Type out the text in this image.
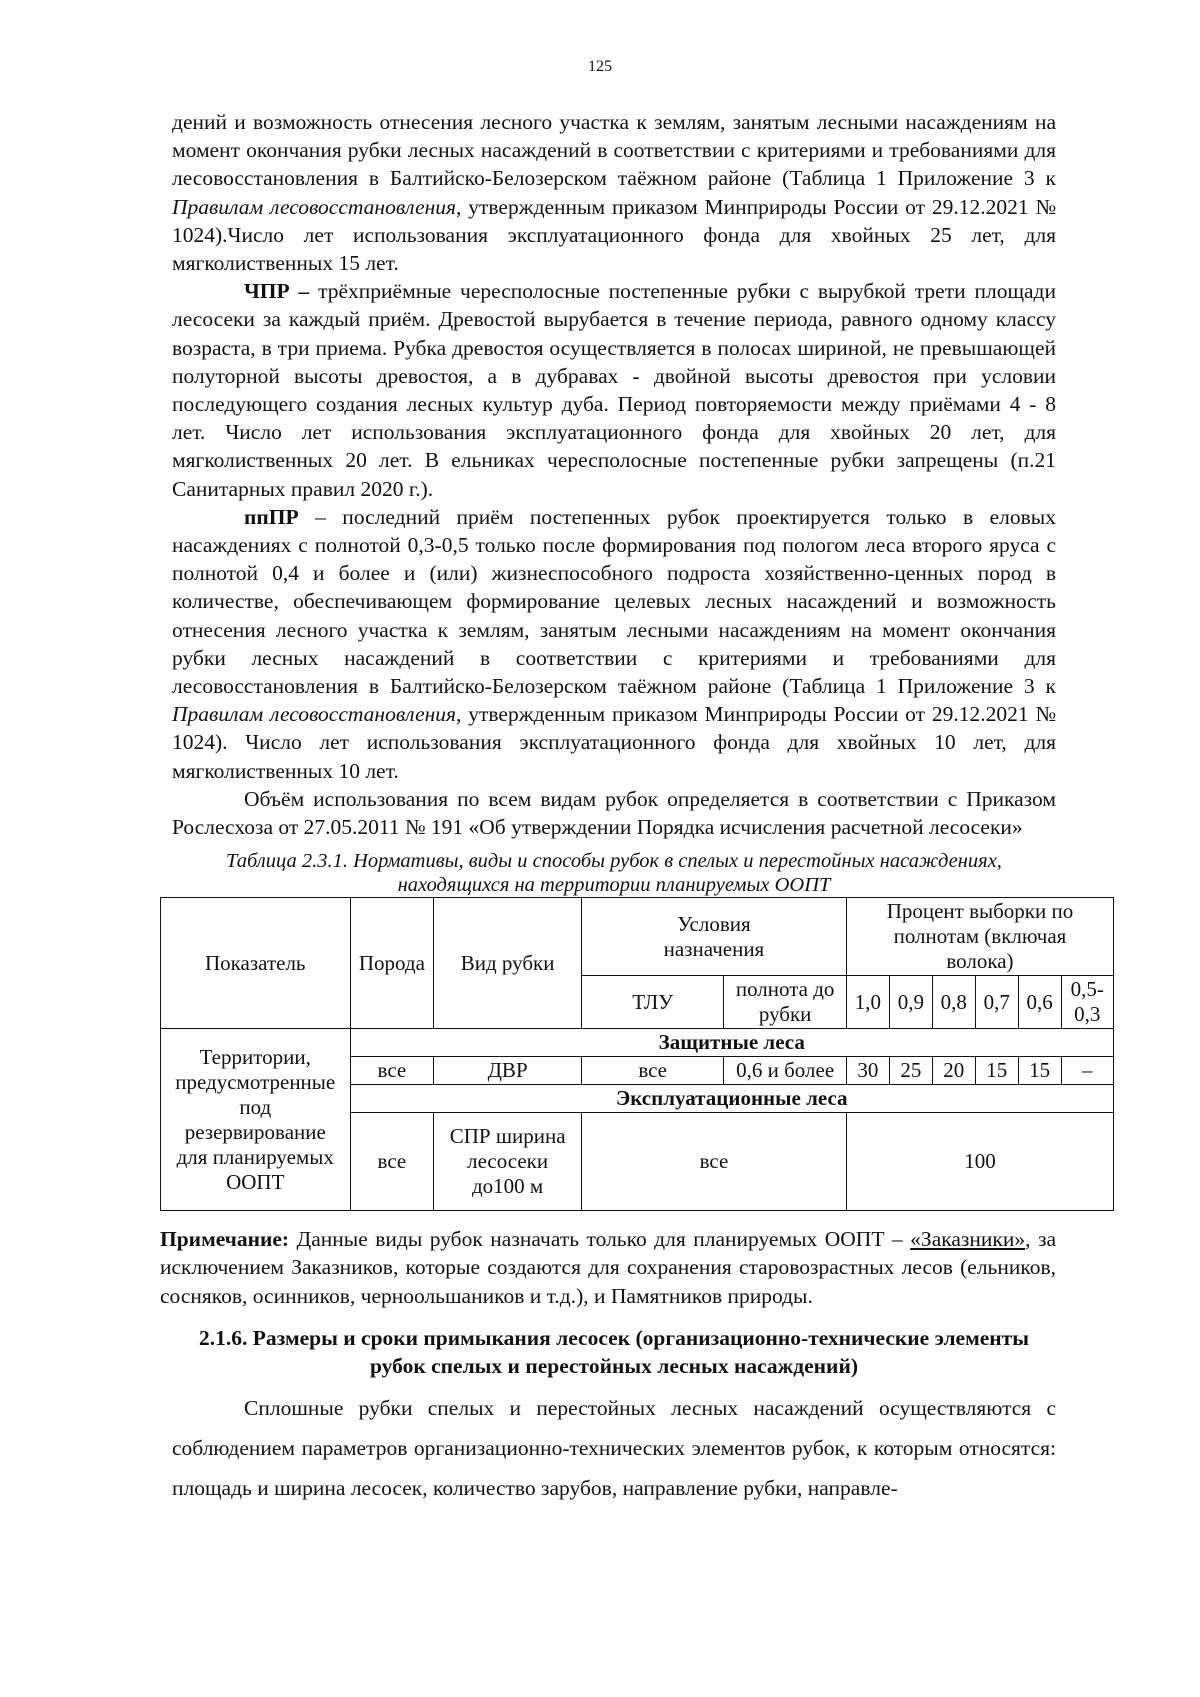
125

дений и возможность отнесения лесного участка к землям, занятым лесными насаждениям на момент окончания рубки лесных насаждений в соответствии с критериями и требованиями для лесовосстановления в Балтийско-Белозерском таёжном районе (Таблица 1 Приложение 3 к Правилам лесовосстановления, утвержденным приказом Минприроды России от 29.12.2021 № 1024).Число лет использования эксплуатационного фонда для хвойных 25 лет, для мягколиственных 15 лет.

ЧПР – трёхприёмные чересполосные постепенные рубки с вырубкой трети площади лесосеки за каждый приём. Древостой вырубается в течение периода, равного одному классу возраста, в три приема. Рубка древостоя осуществляется в полосах шириной, не превышающей полуторной высоты древостоя, а в дубравах - двойной высоты древостоя при условии последующего создания лесных культур дуба. Период повторяемости между приёмами 4 - 8 лет. Число лет использования эксплуатационного фонда для хвойных 20 лет, для мягколиственных 20 лет. В ельниках чересполосные постепенные рубки запрещены (п.21 Санитарных правил 2020 г.).

ппПР – последний приём постепенных рубок проектируется только в еловых насаждениях с полнотой 0,3-0,5 только после формирования под пологом леса второго яруса с полнотой 0,4 и более и (или) жизнеспособного подроста хозяйственно-ценных пород в количестве, обеспечивающем формирование целевых лесных насаждений и возможность отнесения лесного участка к землям, занятым лесными насаждениям на момент окончания рубки лесных насаждений в соответствии с критериями и требованиями для лесовосстановления в Балтийско-Белозерском таёжном районе (Таблица 1 Приложение 3 к Правилам лесовосстановления, утвержденным приказом Минприроды России от 29.12.2021 № 1024). Число лет использования эксплуатационного фонда для хвойных 10 лет, для мягколиственных 10 лет.

Объём использования по всем видам рубок определяется в соответствии с Приказом Рослесхоза от 27.05.2011 № 191 «Об утверждении Порядка исчисления расчетной лесосеки»

Таблица 2.3.1. Нормативы, виды и способы рубок в спелых и перестойных насаждениях,
находящихся на территории планируемых ООПТ
Показатель	Порода	Вид рубки	Условия назначения		Процент выборки по полнотам (включая волока)					
			ТЛУ	полнота до рубки	1,0	0,9	0,8	0,7	0,6	0,5-0,3
Территории, предусмотренные под резервирование для планируемых ООПТ	Защитные леса									
	все	ДВР	все	0,6 и более	30	25	20	15	15	–
	Эксплуатационные леса									
	все	СПР ширина лесосеки до100 м	все		100					

Примечание: Данные виды рубок назначать только для планируемых ООПТ – «Заказники», за исключением Заказников, которые создаются для сохранения старовозрастных лесов (ельников, сосняков, осинников, черноольшаников и т.д.), и Памятников природы.

2.1.6. Размеры и сроки примыкания лесосек (организационно-технические элементы рубок спелых и перестойных лесных насаждений)

Сплошные рубки спелых и перестойных лесных насаждений осуществляются с соблюдением параметров организационно-технических элементов рубок, к которым относятся: площадь и ширина лесосек, количество зарубов, направление рубки, направле-
